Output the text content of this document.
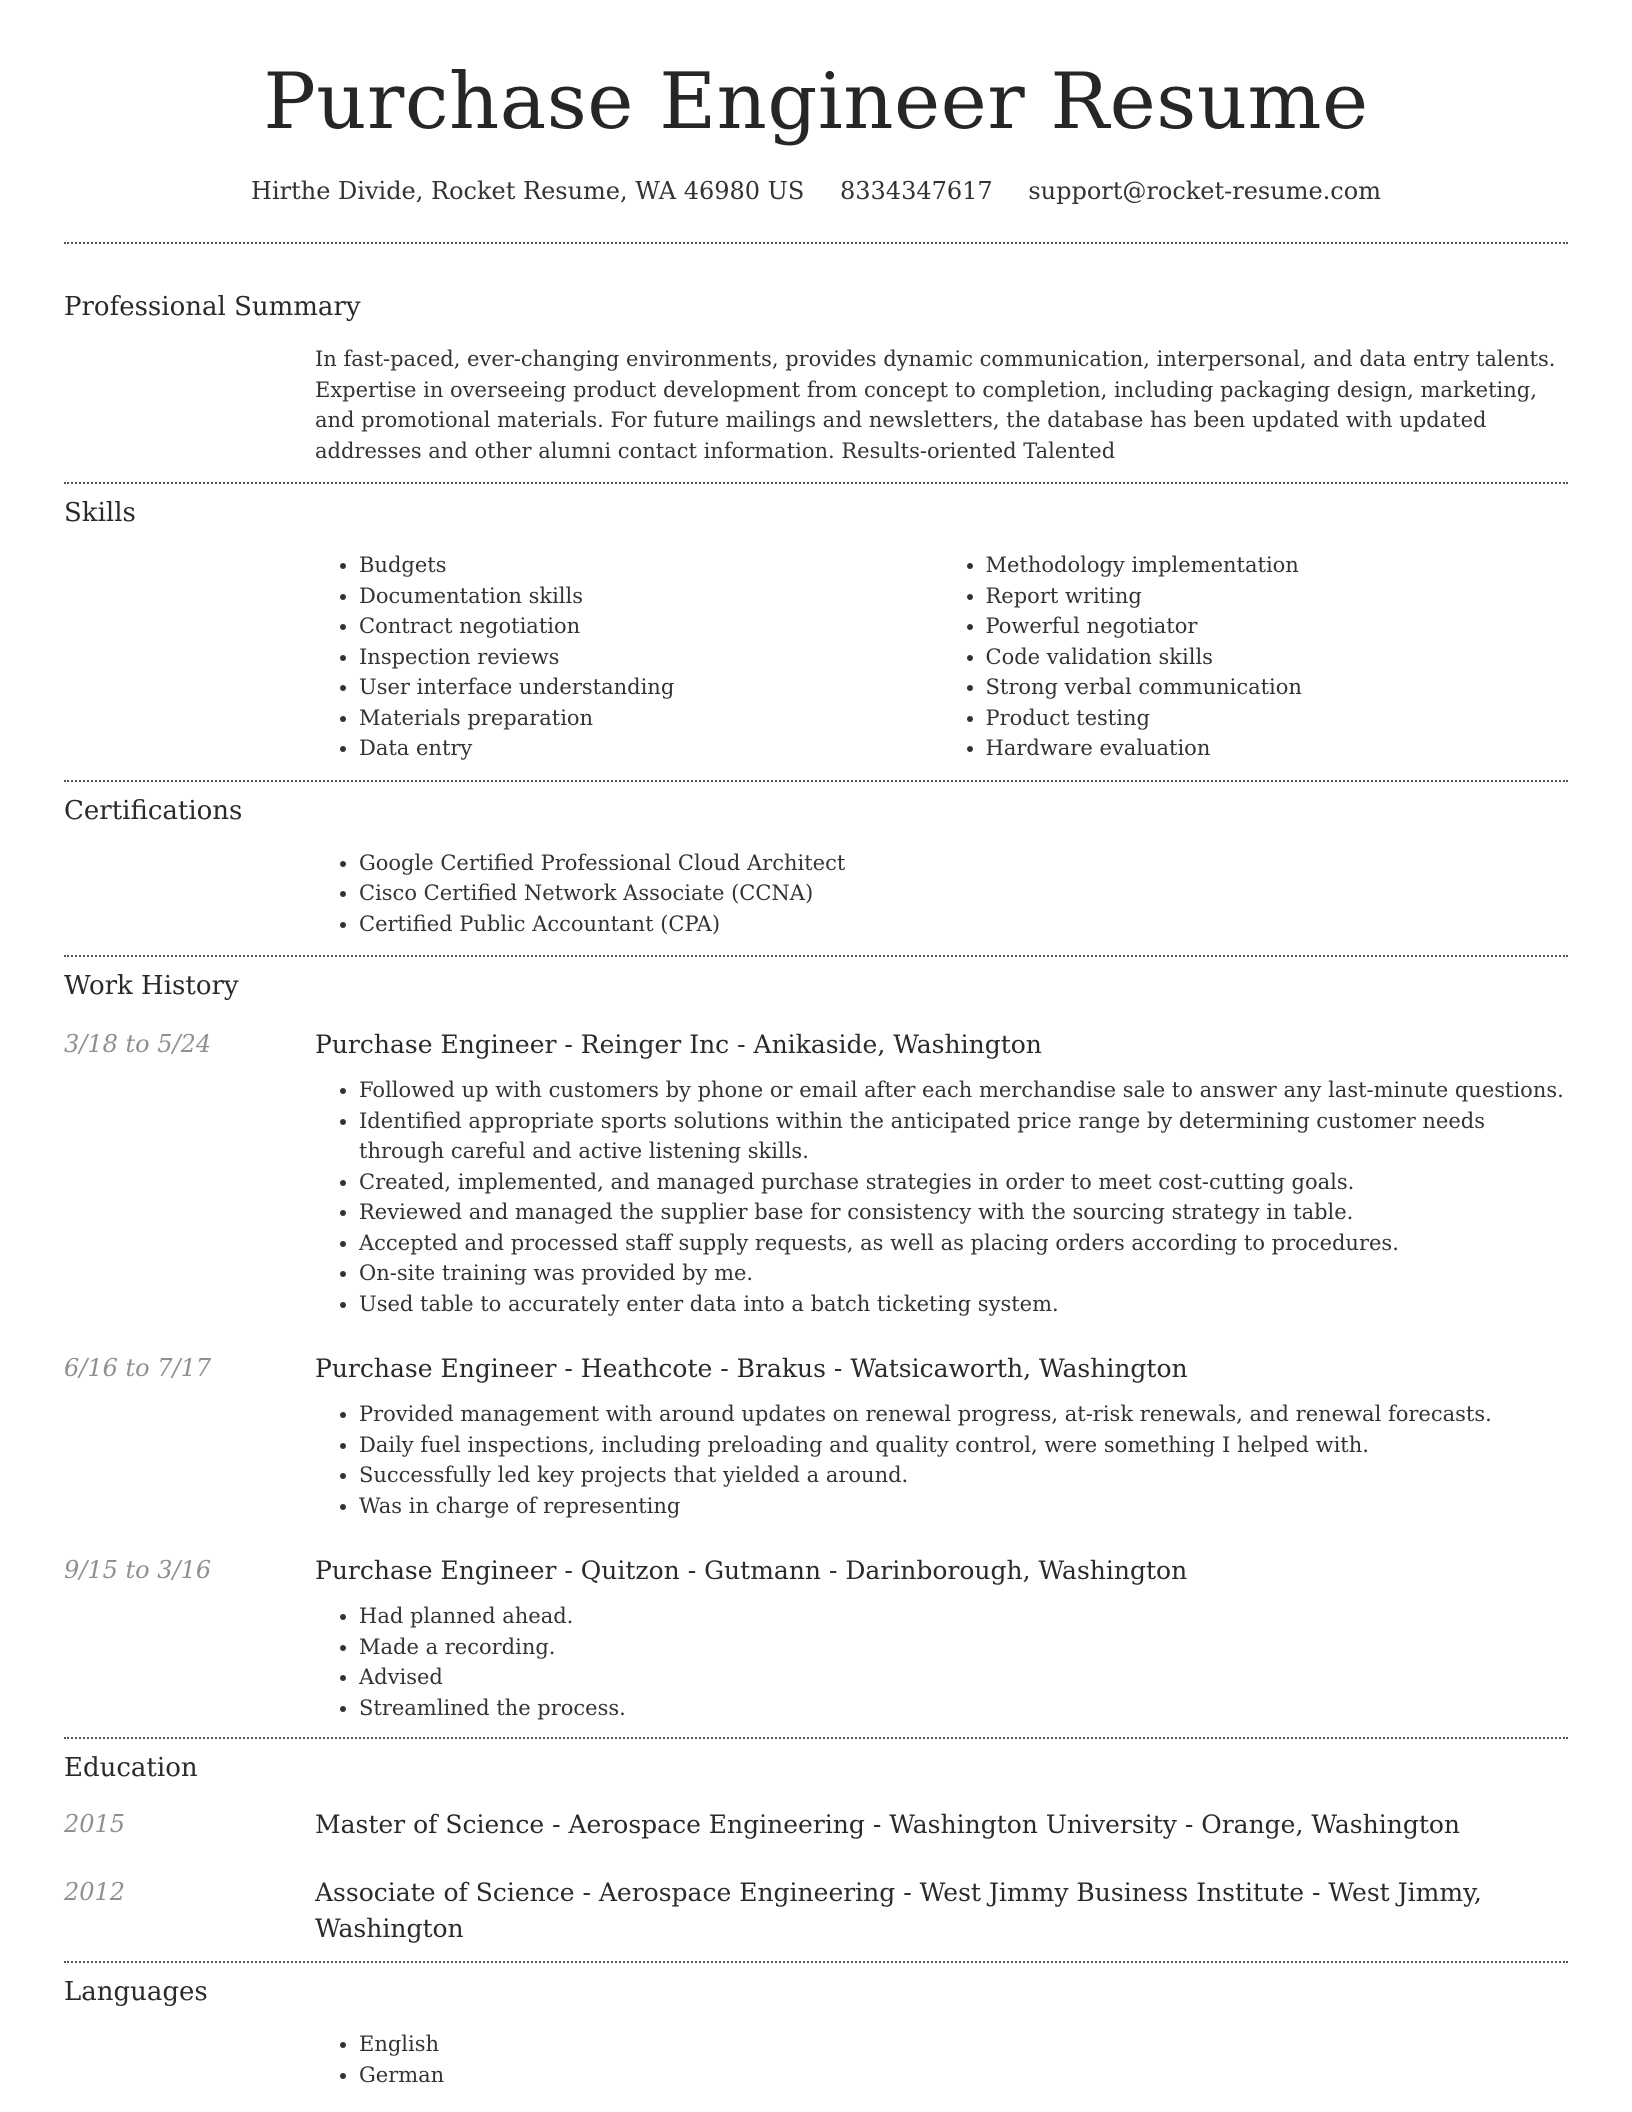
Purchase Engineer Resume
Hirthe Divide, Rocket Resume, WA 46980 US 8334347617 support@rocket-resume.com
Professional Summary
In fast-paced, ever-changing environments, provides dynamic communication, interpersonal, and data entry talents. Expertise in overseeing product development from concept to completion, including packaging design, marketing, and promotional materials. For future mailings and newsletters, the database has been updated with updated addresses and other alumni contact information. Results-oriented Talented
Skills
• Budgets
• Documentation skills
• Contract negotiation
• Inspection reviews
• User interface understanding
• Materials preparation
• Data entry
• Methodology implementation
• Report writing
• Powerful negotiator
• Code validation skills
• Strong verbal communication
• Product testing
• Hardware evaluation
Certifications
• Google Certified Professional Cloud Architect
• Cisco Certified Network Associate (CCNA)
• Certified Public Accountant (CPA)
Work History
3/18 to 5/24	Purchase Engineer - Reinger Inc - Anikaside, Washington
• Followed up with customers by phone or email after each merchandise sale to answer any last-minute questions.
• Identified appropriate sports solutions within the anticipated price range by determining customer needs through careful and active listening skills.
• Created, implemented, and managed purchase strategies in order to meet cost-cutting goals.
• Reviewed and managed the supplier base for consistency with the sourcing strategy in table.
• Accepted and processed staff supply requests, as well as placing orders according to procedures.
• On-site training was provided by me.
• Used table to accurately enter data into a batch ticketing system.
6/16 to 7/17	Purchase Engineer - Heathcote - Brakus - Watsicaworth, Washington
• Provided management with around updates on renewal progress, at-risk renewals, and renewal forecasts.
• Daily fuel inspections, including preloading and quality control, were something I helped with.
• Successfully led key projects that yielded a around.
• Was in charge of representing
9/15 to 3/16	Purchase Engineer - Quitzon - Gutmann - Darinborough, Washington
• Had planned ahead.
• Made a recording.
• Advised
• Streamlined the process.
Education
2015	Master of Science - Aerospace Engineering - Washington University - Orange, Washington
2012	Associate of Science - Aerospace Engineering - West Jimmy Business Institute - West Jimmy, Washington
Languages
• English
• German
